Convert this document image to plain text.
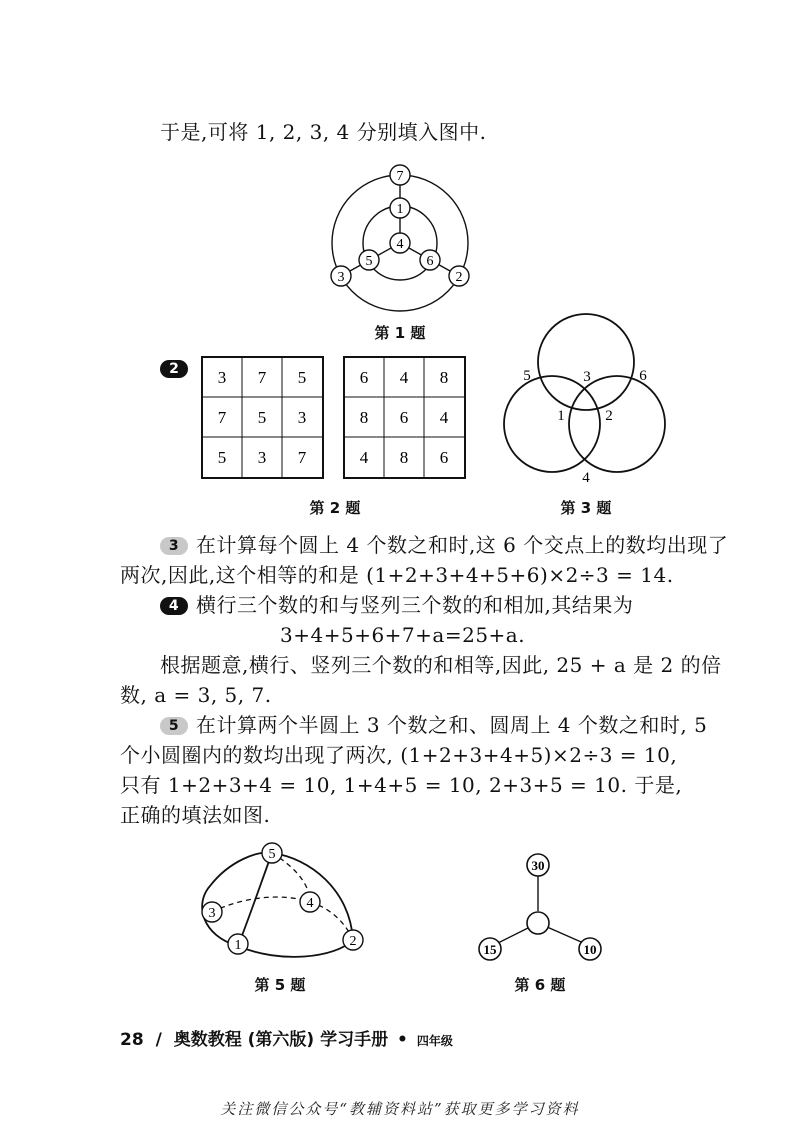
于是,可将 1, 2, 3, 4 分别填入图中.
7
1
4
5	6
3	2
第 1 题
2	3 7 5
7 5 3
5 3 7
6 4 8
8 6 4
4 8 6
第 2 题
5	3	6
1	2
4
第 3 题
3 在计算每个圆上 4 个数之和时,这 6 个交点上的数均出现了
两次,因此,这个相等的和是 (1+2+3+4+5+6)×2÷3 = 14.
4 横行三个数的和与竖列三个数的和相加,其结果为
3+4+5+6+7+a=25+a.
根据题意,横行、竖列三个数的和相等,因此, 25 + a 是 2 的倍
数, a = 3, 5, 7.
5 在计算两个半圆上 3 个数之和、圆周上 4 个数之和时, 5
个小圆圈内的数均出现了两次, (1+2+3+4+5)×2÷3 = 10,
只有 1+2+3+4 = 10, 1+4+5 = 10, 2+3+5 = 10. 于是,
正确的填法如图.
5
3
4
1	2
第 5 题
30
15	10
第 6 题
28 / 奥数教程 (第六版) 学习手册 • 四年级
关注微信公众号“教辅资料站”获取更多学习资料
